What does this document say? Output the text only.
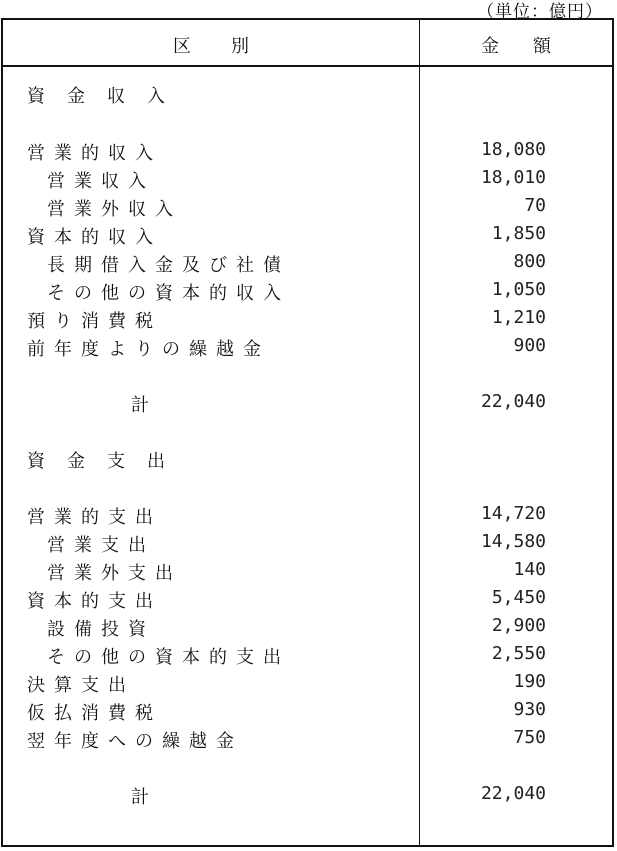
（単位：億円）
区別	金額
資金収入
営業的収入	18,080
営業収入	18,010
営業外収入	70
資本的収入	1,850
長期借入金及び社債	800
その他の資本的収入	1,050
預り消費税	1,210
前年度よりの繰越金	900
計	22,040
資金支出
営業的支出	14,720
営業支出	14,580
営業外支出	140
資本的支出	5,450
設備投資	2,900
その他の資本的支出	2,550
決算支出	190
仮払消費税	930
翌年度への繰越金	750
計	22,040
